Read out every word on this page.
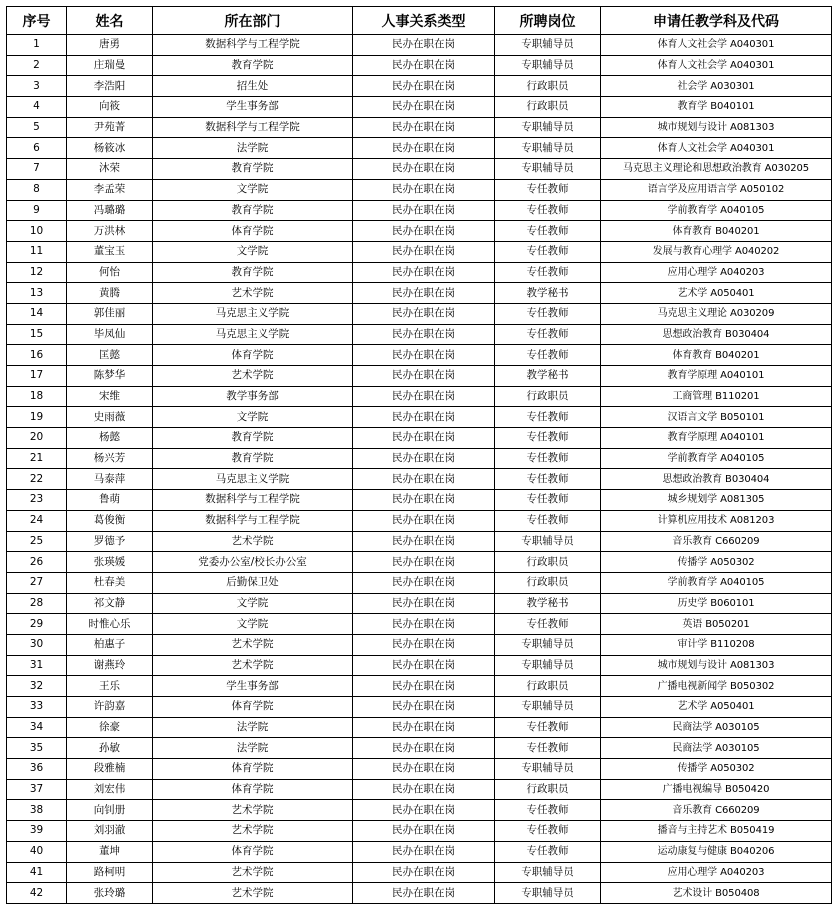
序号	姓名	所在部门	人事关系类型	所聘岗位	申请任教学科及代码
1	唐勇	数据科学与工程学院	民办在职在岗	专职辅导员	体育人文社会学 A040301
2	庄瑞曼	教育学院	民办在职在岗	专职辅导员	体育人文社会学 A040301
3	李浩阳	招生处	民办在职在岗	行政职员	社会学 A030301
4	向筱	学生事务部	民办在职在岗	行政职员	教育学 B040101
5	尹苑菁	数据科学与工程学院	民办在职在岗	专职辅导员	城市规划与设计 A081303
6	杨筱冰	法学院	民办在职在岗	专职辅导员	体育人文社会学 A040301
7	沐荣	教育学院	民办在职在岗	专职辅导员	马克思主义理论和思想政治教育 A030205
8	李孟荣	文学院	民办在职在岗	专任教师	语言学及应用语言学 A050102
9	冯璐璐	教育学院	民办在职在岗	专任教师	学前教育学 A040105
10	万洪林	体育学院	民办在职在岗	专任教师	体育教育 B040201
11	董宝玉	文学院	民办在职在岗	专任教师	发展与教育心理学 A040202
12	何怡	教育学院	民办在职在岗	专任教师	应用心理学 A040203
13	黄腾	艺术学院	民办在职在岗	教学秘书	艺术学 A050401
14	郭佳丽	马克思主义学院	民办在职在岗	专任教师	马克思主义理论 A030209
15	毕凤仙	马克思主义学院	民办在职在岗	专任教师	思想政治教育 B030404
16	匡懿	体育学院	民办在职在岗	专任教师	体育教育 B040201
17	陈梦华	艺术学院	民办在职在岗	教学秘书	教育学原理 A040101
18	宋维	教学事务部	民办在职在岗	行政职员	工商管理 B110201
19	史雨薇	文学院	民办在职在岗	专任教师	汉语言文学 B050101
20	杨懿	教育学院	民办在职在岗	专任教师	教育学原理 A040101
21	杨兴芳	教育学院	民办在职在岗	专任教师	学前教育学 A040105
22	马泰萍	马克思主义学院	民办在职在岗	专任教师	思想政治教育 B030404
23	鲁萌	数据科学与工程学院	民办在职在岗	专任教师	城乡规划学 A081305
24	葛俊衡	数据科学与工程学院	民办在职在岗	专任教师	计算机应用技术 A081203
25	罗德予	艺术学院	民办在职在岗	专职辅导员	音乐教育 C660209
26	张瑛媛	党委办公室/校长办公室	民办在职在岗	行政职员	传播学 A050302
27	杜春美	后勤保卫处	民办在职在岗	行政职员	学前教育学 A040105
28	祁文静	文学院	民办在职在岗	教学秘书	历史学 B060101
29	时惟心乐	文学院	民办在职在岗	专任教师	英语 B050201
30	柏惠子	艺术学院	民办在职在岗	专职辅导员	审计学 B110208
31	谢燕玲	艺术学院	民办在职在岗	专职辅导员	城市规划与设计 A081303
32	王乐	学生事务部	民办在职在岗	行政职员	广播电视新闻学 B050302
33	许韵嘉	体育学院	民办在职在岗	专职辅导员	艺术学 A050401
34	徐豪	法学院	民办在职在岗	专任教师	民商法学 A030105
35	孙敏	法学院	民办在职在岗	专任教师	民商法学 A030105
36	段雅楠	体育学院	民办在职在岗	专职辅导员	传播学 A050302
37	刘宏伟	体育学院	民办在职在岗	行政职员	广播电视编导 B050420
38	向钊册	艺术学院	民办在职在岗	专任教师	音乐教育 C660209
39	刘羽澈	艺术学院	民办在职在岗	专任教师	播音与主持艺术 B050419
40	董坤	体育学院	民办在职在岗	专任教师	运动康复与健康 B040206
41	路柯明	艺术学院	民办在职在岗	专职辅导员	应用心理学 A040203
42	张玲璐	艺术学院	民办在职在岗	专职辅导员	艺术设计 B050408
